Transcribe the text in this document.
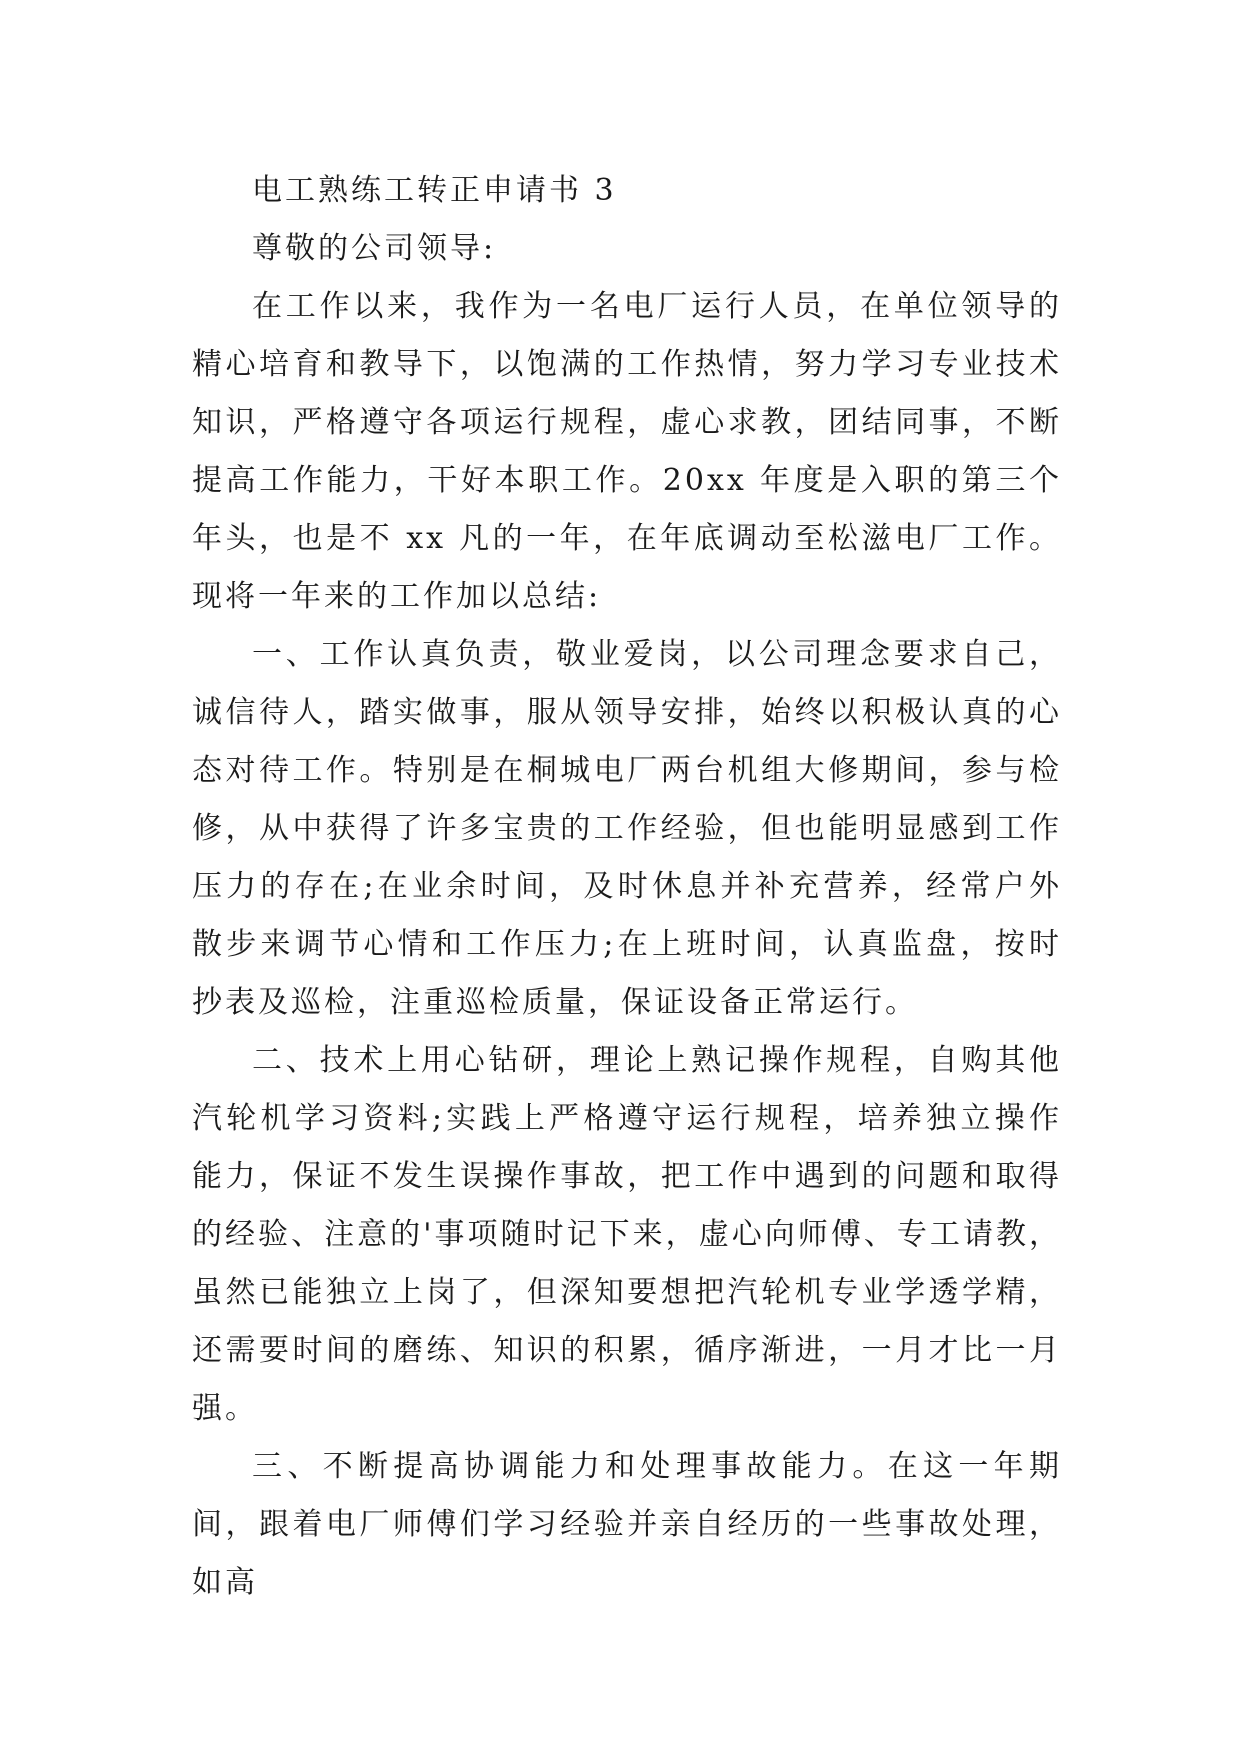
电工熟练工转正申请书 3

尊敬的公司领导:

在工作以来，我作为一名电厂运行人员，在单位领导的精心培育和教导下，以饱满的工作热情，努力学习专业技术知识，严格遵守各项运行规程，虚心求教，团结同事，不断提高工作能力，干好本职工作。20xx 年度是入职的第三个年头，也是不 xx 凡的一年，在年底调动至松滋电厂工作。现将一年来的工作加以总结:

一、工作认真负责，敬业爱岗，以公司理念要求自己，诚信待人，踏实做事，服从领导安排，始终以积极认真的心态对待工作。特别是在桐城电厂两台机组大修期间，参与检修，从中获得了许多宝贵的工作经验，但也能明显感到工作压力的存在;在业余时间，及时休息并补充营养，经常户外散步来调节心情和工作压力;在上班时间，认真监盘，按时抄表及巡检，注重巡检质量，保证设备正常运行。

二、技术上用心钻研，理论上熟记操作规程，自购其他汽轮机学习资料;实践上严格遵守运行规程，培养独立操作能力，保证不发生误操作事故，把工作中遇到的问题和取得的经验、注意的'事项随时记下来，虚心向师傅、专工请教，虽然已能独立上岗了，但深知要想把汽轮机专业学透学精，还需要时间的磨练、知识的积累，循序渐进，一月才比一月强。

三、不断提高协调能力和处理事故能力。在这一年期间，跟着电厂师傅们学习经验并亲自经历的一些事故处理，如高
